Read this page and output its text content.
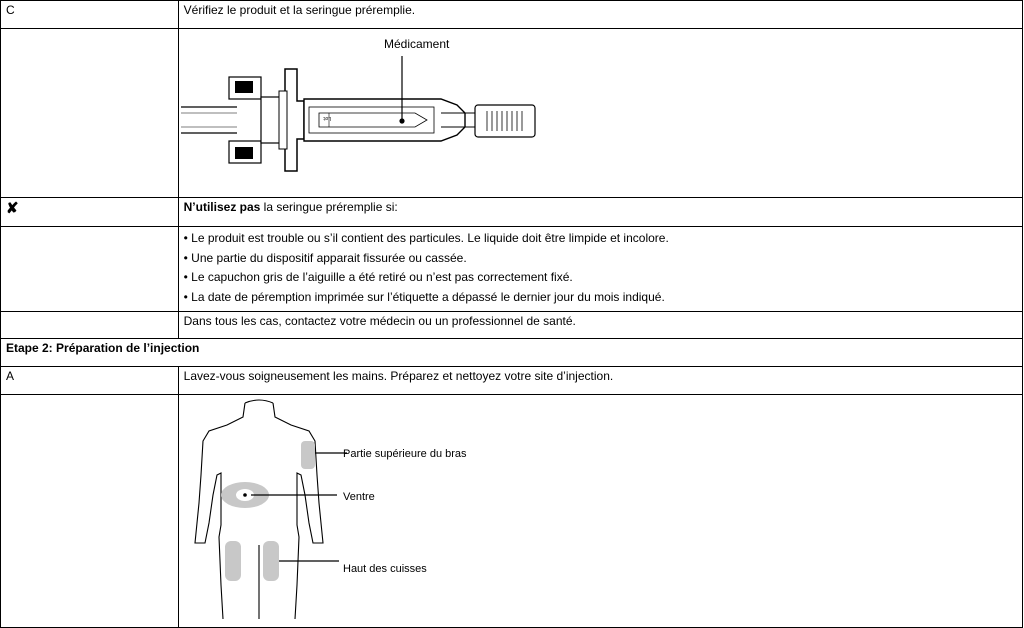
C	Vérifiez le produit et la seringue préremplie.

Lot:
Médicament

✘	N’utilisez pas la seringue préremplie si:

	• Le produit est trouble ou s’il contient des particules. Le liquide doit être limpide et incolore.
• Une partie du dispositif apparait fissurée ou cassée.
• Le capuchon gris de l’aiguille a été retiré ou n’est pas correctement fixé.
• La date de péremption imprimée sur l’étiquette a dépassé le dernier jour du mois indiqué.

	Dans tous les cas, contactez votre médecin ou un professionnel de santé.
Etape 2: Préparation de l’injection	
A	Lavez-vous soigneusement les mains. Préparez et nettoyez votre site d’injection.

Partie supérieure du bras
Ventre
Haut des cuisses
